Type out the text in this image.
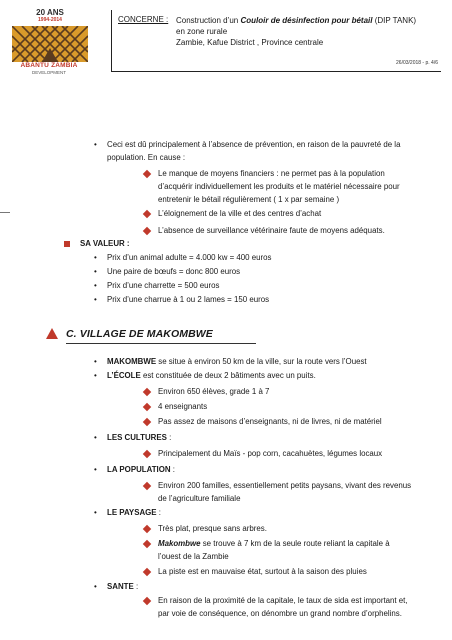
20 ANS
1994-2014
ABANTU ZAMBIA
DEVELOPMENT
CONCERNE : Construction d’un Couloir de désinfection pour bétail (DIP TANK)
en zone rurale
Zambie, Kafue District , Province centrale
26/03/2018 - p. 4/6
• Ceci est dû principalement à l’absence de prévention, en raison de la pauvreté de la
population. En cause :
Le manque de moyens financiers : ne permet pas à la population
d’acquérir individuellement les produits et le matériel nécessaire pour
entretenir le bétail régulièrement ( 1 x par semaine )
L’éloignement de la ville et des centres d’achat
L’absence de surveillance vétérinaire faute de moyens adéquats.
SA VALEUR :
• Prix d’un animal adulte = 4.000 kw = 400 euros
• Une paire de bœufs = donc 800 euros
• Prix d’une charrette = 500 euros
• Prix d’une charrue à 1 ou 2 lames = 150 euros
C. VILLAGE DE MAKOMBWE
• MAKOMBWE se situe à environ 50 km de la ville, sur la route vers l’Ouest
• L’ÉCOLE est constituée de deux 2 bâtiments avec un puits.
Environ 650 élèves, grade 1 à 7
4 enseignants
Pas assez de maisons d’enseignants, ni de livres, ni de matériel
• LES CULTURES :
Principalement du Maïs - pop corn, cacahuètes, légumes locaux
• LA POPULATION :
Environ 200 familles, essentiellement petits paysans, vivant des revenus
de l’agriculture familiale
• LE PAYSAGE :
Très plat, presque sans arbres.
Makombwe se trouve à 7 km de la seule route reliant la capitale à
l’ouest de la Zambie
La piste est en mauvaise état, surtout à la saison des pluies
• SANTE :
En raison de la proximité de la capitale, le taux de sida est important et,
par voie de conséquence, on dénombre un grand nombre d’orphelins.
